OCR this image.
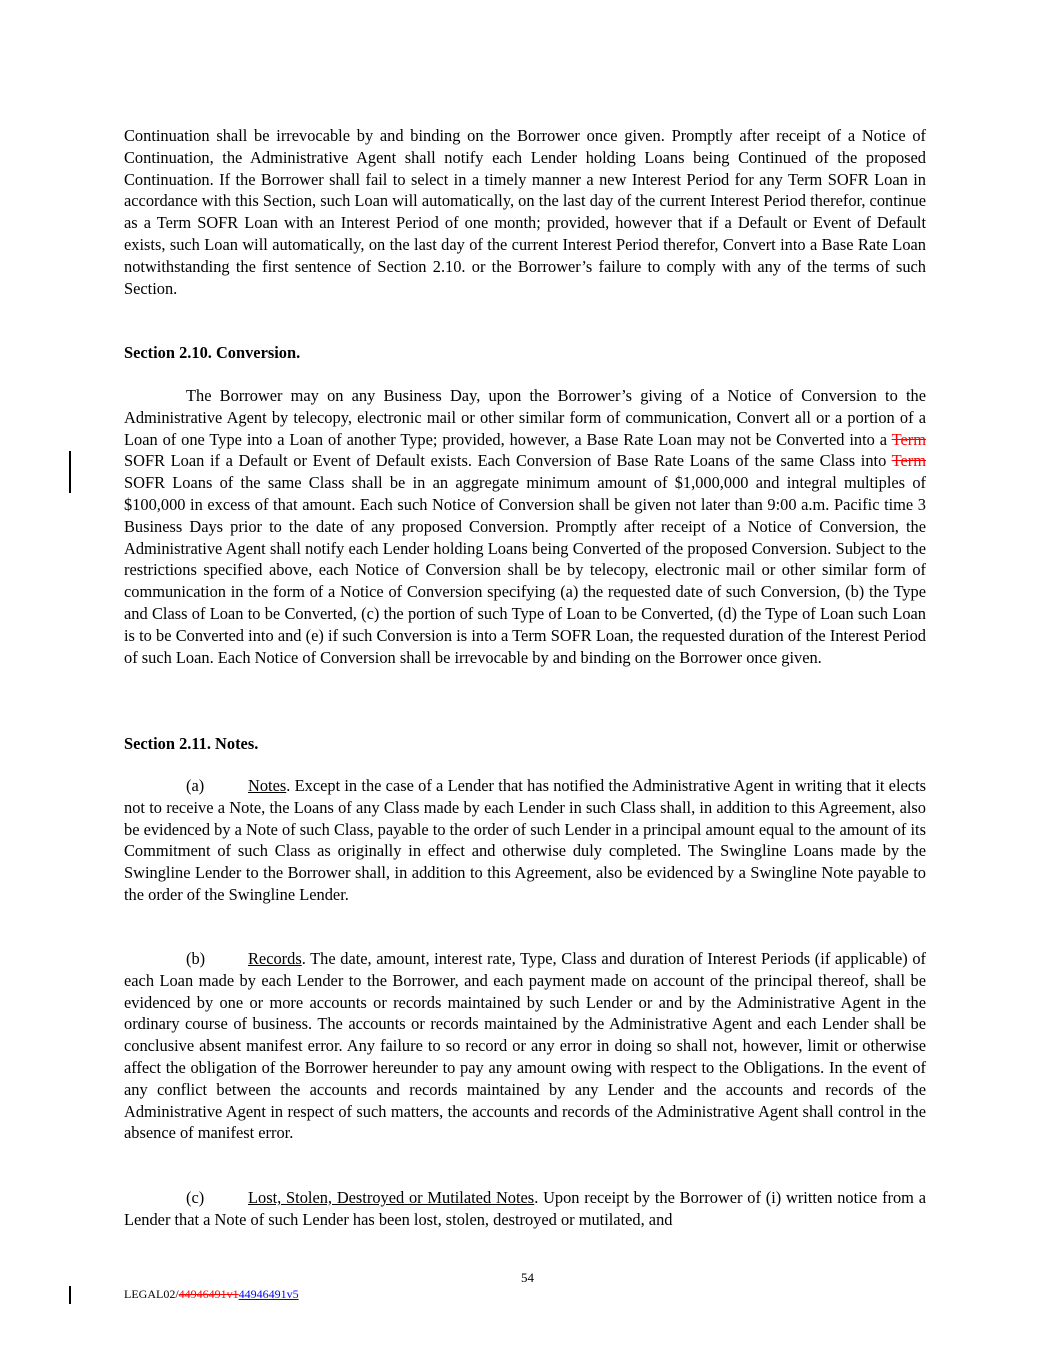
Continuation shall be irrevocable by and binding on the Borrower once given. Promptly after receipt of a Notice of Continuation, the Administrative Agent shall notify each Lender holding Loans being Continued of the proposed Continuation. If the Borrower shall fail to select in a timely manner a new Interest Period for any Term SOFR Loan in accordance with this Section, such Loan will automatically, on the last day of the current Interest Period therefor, continue as a Term SOFR Loan with an Interest Period of one month; provided, however that if a Default or Event of Default exists, such Loan will automatically, on the last day of the current Interest Period therefor, Convert into a Base Rate Loan notwithstanding the first sentence of Section 2.10. or the Borrower’s failure to comply with any of the terms of such Section.
Section 2.10. Conversion.
The Borrower may on any Business Day, upon the Borrower’s giving of a Notice of Conversion to the Administrative Agent by telecopy, electronic mail or other similar form of communication, Convert all or a portion of a Loan of one Type into a Loan of another Type; provided, however, a Base Rate Loan may not be Converted into a Term SOFR Loan if a Default or Event of Default exists. Each Conversion of Base Rate Loans of the same Class into Term SOFR Loans of the same Class shall be in an aggregate minimum amount of $1,000,000 and integral multiples of $100,000 in excess of that amount. Each such Notice of Conversion shall be given not later than 9:00 a.m. Pacific time 3 Business Days prior to the date of any proposed Conversion. Promptly after receipt of a Notice of Conversion, the Administrative Agent shall notify each Lender holding Loans being Converted of the proposed Conversion. Subject to the restrictions specified above, each Notice of Conversion shall be by telecopy, electronic mail or other similar form of communication in the form of a Notice of Conversion specifying (a) the requested date of such Conversion, (b) the Type and Class of Loan to be Converted, (c) the portion of such Type of Loan to be Converted, (d) the Type of Loan such Loan is to be Converted into and (e) if such Conversion is into a Term SOFR Loan, the requested duration of the Interest Period of such Loan. Each Notice of Conversion shall be irrevocable by and binding on the Borrower once given.
Section 2.11. Notes.
(a)	Notes. Except in the case of a Lender that has notified the Administrative Agent in writing that it elects not to receive a Note, the Loans of any Class made by each Lender in such Class shall, in addition to this Agreement, also be evidenced by a Note of such Class, payable to the order of such Lender in a principal amount equal to the amount of its Commitment of such Class as originally in effect and otherwise duly completed. The Swingline Loans made by the Swingline Lender to the Borrower shall, in addition to this Agreement, also be evidenced by a Swingline Note payable to the order of the Swingline Lender.
(b)	Records. The date, amount, interest rate, Type, Class and duration of Interest Periods (if applicable) of each Loan made by each Lender to the Borrower, and each payment made on account of the principal thereof, shall be evidenced by one or more accounts or records maintained by such Lender or and by the Administrative Agent in the ordinary course of business. The accounts or records maintained by the Administrative Agent and each Lender shall be conclusive absent manifest error. Any failure to so record or any error in doing so shall not, however, limit or otherwise affect the obligation of the Borrower hereunder to pay any amount owing with respect to the Obligations. In the event of any conflict between the accounts and records maintained by any Lender and the accounts and records of the Administrative Agent in respect of such matters, the accounts and records of the Administrative Agent shall control in the absence of manifest error.
(c)	Lost, Stolen, Destroyed or Mutilated Notes. Upon receipt by the Borrower of (i) written notice from a Lender that a Note of such Lender has been lost, stolen, destroyed or mutilated, and
54
LEGAL02/44946491v144946491v5
